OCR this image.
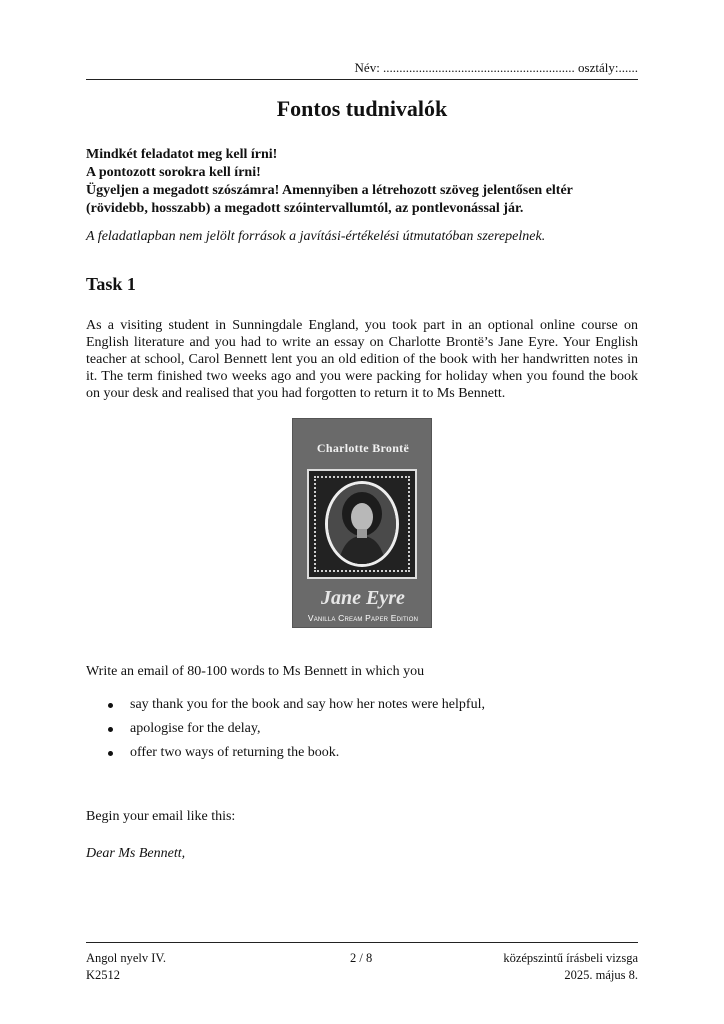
Név: ........................................................... osztály:......
Fontos tudnivalók
Mindkét feladatot meg kell írni!
A pontozott sorokra kell írni!
Ügyeljen a megadott szószámra! Amennyiben a létrehozott szöveg jelentősen eltér
(rövidebb, hosszabb) a megadott szóintervallumtól, az pontlevonással jár.
A feladatlapban nem jelölt források a javítási-értékelési útmutatóban szerepelnek.
Task 1
As a visiting student in Sunningdale England, you took part in an optional online course on English literature and you had to write an essay on Charlotte Brontë’s Jane Eyre. Your English teacher at school, Carol Bennett lent you an old edition of the book with her handwritten notes in it. The term finished two weeks ago and you were packing for holiday when you found the book on your desk and realised that you had forgotten to return it to Ms Bennett.
Charlotte Brontë
Jane Eyre
Vanilla Cream Paper Edition
Write an email of 80-100 words to Ms Bennett in which you
say thank you for the book and say how her notes were helpful,
apologise for the delay,
offer two ways of returning the book.
Begin your email like this:
Dear Ms Bennett,
Angol nyelv IV.
K2512
2 / 8	középszintű írásbeli vizsga
2025. május 8.
